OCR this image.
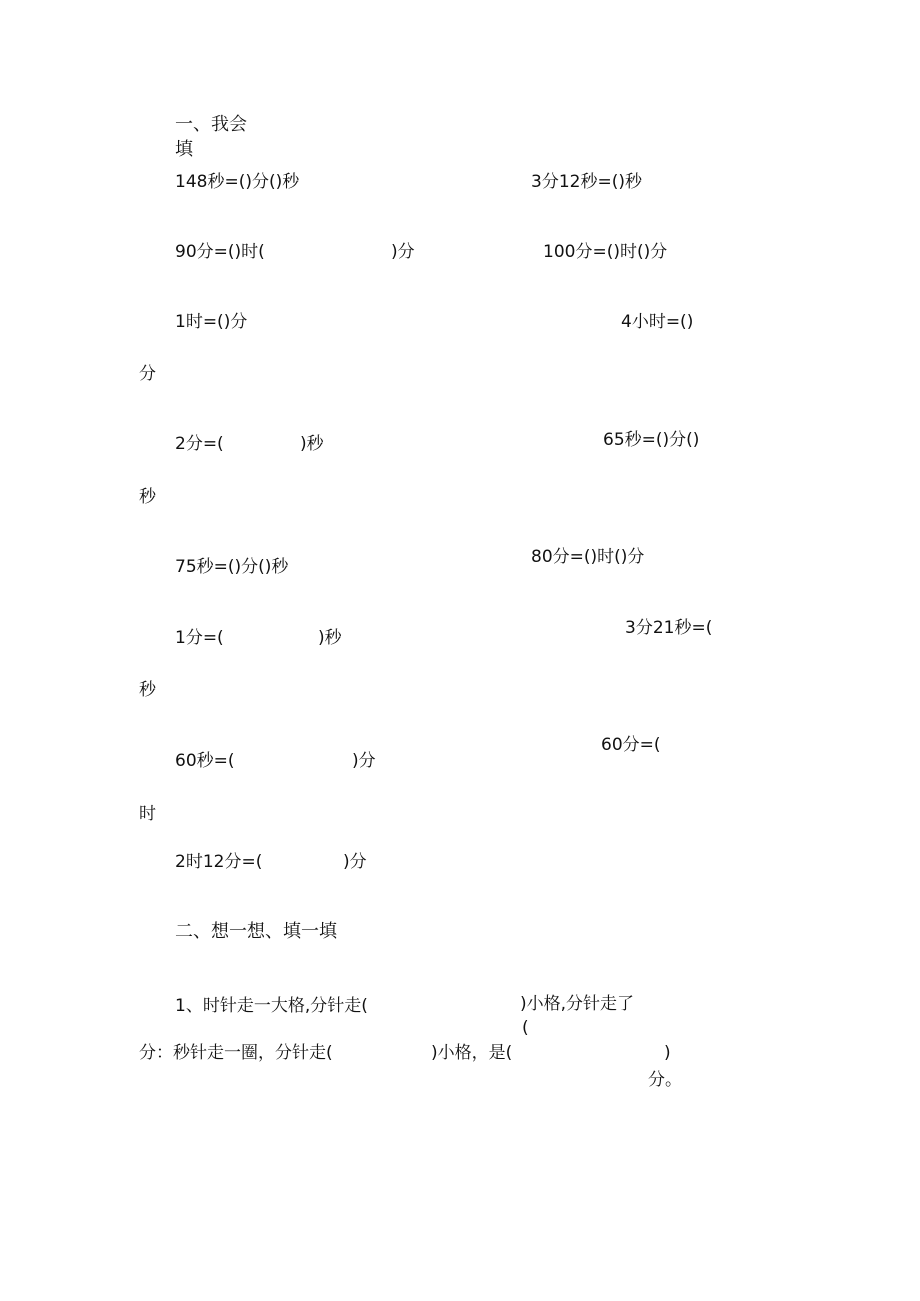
一、我会
填
148秒=()分()秒	3分12秒=()秒
90分=()时(	)分	100分=()时()分
1时=()分	4小时=()
分
2分=(	)秒	65秒=()分()
秒
75秒=()分()秒	80分=()时()分
1分=(	)秒	3分21秒=(
秒
60秒=(	)分
60分=(
时
2时12分=(	)分
二、想一想、填一填
1、时针走一大格,分针走(	)小格,分针走了
(
分：秒针走一圈，分针走(	)小格，是(	)
分。
